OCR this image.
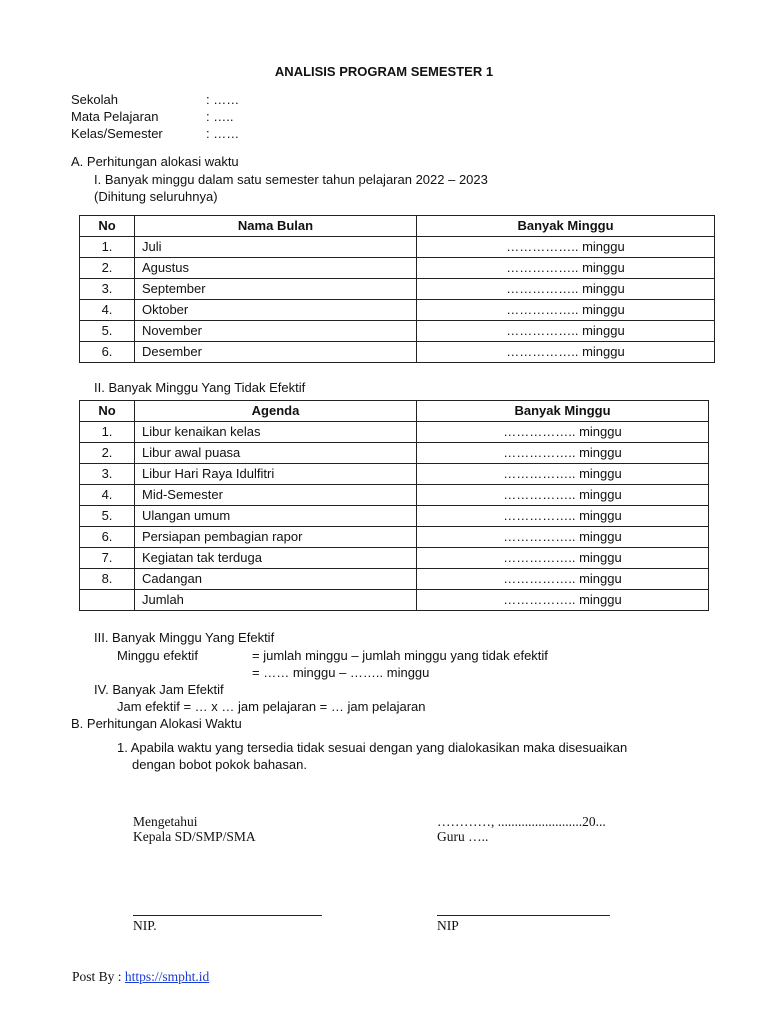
ANALISIS PROGRAM SEMESTER 1
Sekolah	: ……
Mata Pelajaran	: …..
Kelas/Semester	: ……
A. Perhitungan alokasi waktu
I. Banyak minggu dalam satu semester tahun pelajaran 2022 – 2023
(Dihitung seluruhnya)
No	Nama Bulan	Banyak Minggu
1.	Juli	…………….. minggu
2.	Agustus	…………….. minggu
3.	September	…………….. minggu
4.	Oktober	…………….. minggu
5.	November	…………….. minggu
6.	Desember	…………….. minggu
II. Banyak Minggu Yang Tidak Efektif
No	Agenda	Banyak Minggu
1.	Libur kenaikan kelas	…………….. minggu
2.	Libur awal puasa	…………….. minggu
3.	Libur Hari Raya Idulfitri	…………….. minggu
4.	Mid-Semester	…………….. minggu
5.	Ulangan umum	…………….. minggu
6.	Persiapan pembagian rapor	…………….. minggu
7.	Kegiatan tak terduga	…………….. minggu
8.	Cadangan	…………….. minggu
	Jumlah	…………….. minggu
III. Banyak Minggu Yang Efektif
Minggu efektif	= jumlah minggu – jumlah minggu yang tidak efektif
= …… minggu – …….. minggu
IV. Banyak Jam Efektif
Jam efektif = … x … jam pelajaran = … jam pelajaran
B. Perhitungan Alokasi Waktu
1. Apabila waktu yang tersedia tidak sesuai dengan yang dialokasikan maka disesuaikan
dengan bobot pokok bahasan.
Mengetahui
Kepala SD/SMP/SMA
NIP.
…………, .........................20...
Guru …..
NIP
Post By : https://smpht.id
